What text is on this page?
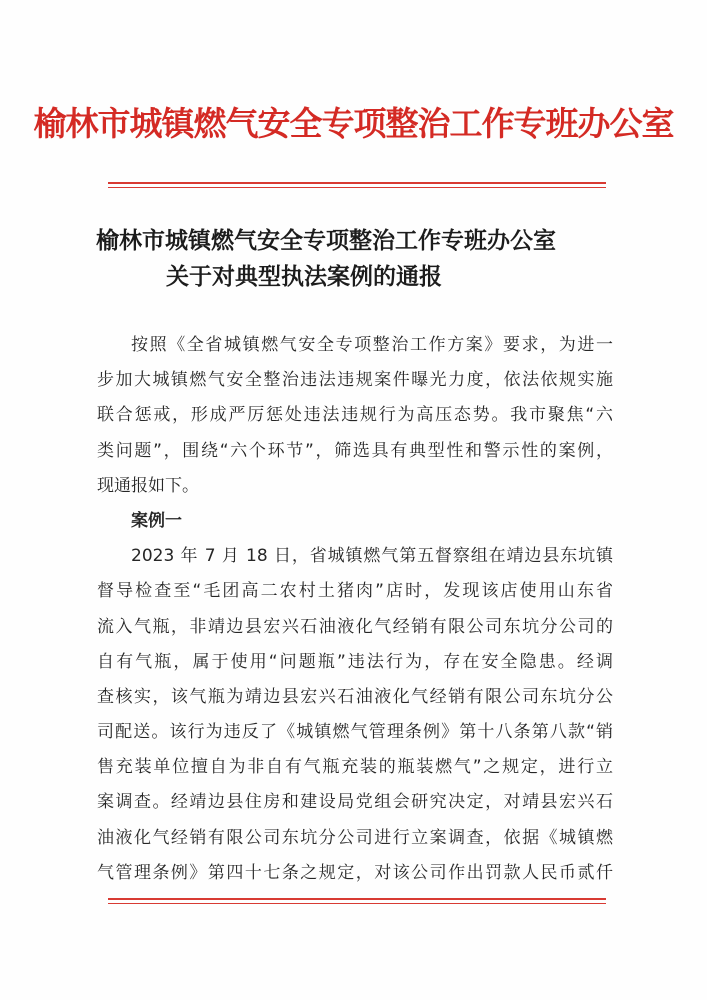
榆林市城镇燃气安全专项整治工作专班办公室
榆林市城镇燃气安全专项整治工作专班办公室
关于对典型执法案例的通报
按照《全省城镇燃气安全专项整治工作方案》要求，为进一
步加大城镇燃气安全整治违法违规案件曝光力度，依法依规实施
联合惩戒，形成严厉惩处违法违规行为高压态势。我市聚焦“六
类问题”，围绕“六个环节”，筛选具有典型性和警示性的案例，
现通报如下。
案例一
2023 年 7 月 18 日，省城镇燃气第五督察组在靖边县东坑镇
督导检查至“毛团高二农村土猪肉”店时，发现该店使用山东省
流入气瓶，非靖边县宏兴石油液化气经销有限公司东坑分公司的
自有气瓶，属于使用“问题瓶”违法行为，存在安全隐患。经调
查核实，该气瓶为靖边县宏兴石油液化气经销有限公司东坑分公
司配送。该行为违反了《城镇燃气管理条例》第十八条第八款“销
售充装单位擅自为非自有气瓶充装的瓶装燃气”之规定，进行立
案调查。经靖边县住房和建设局党组会研究决定，对靖县宏兴石
油液化气经销有限公司东坑分公司进行立案调查，依据《城镇燃
气管理条例》第四十七条之规定，对该公司作出罚款人民币贰仟
